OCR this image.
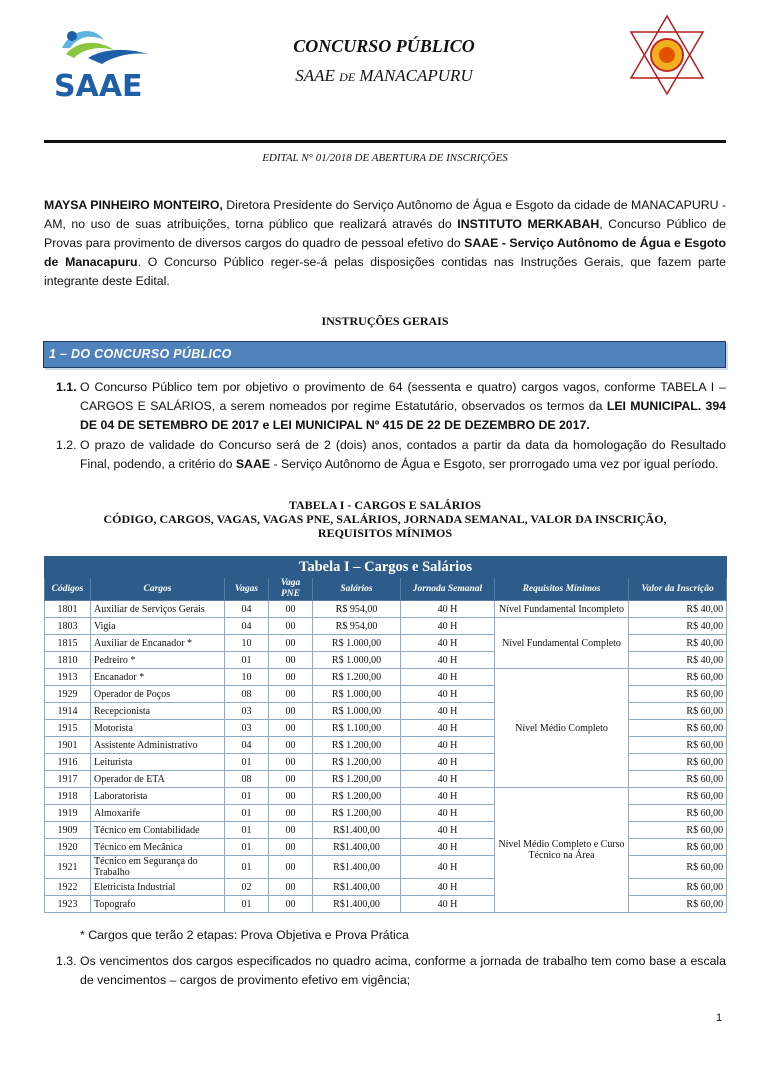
SAAE
CONCURSO PÚBLICO
SAAE DE MANACAPURU
EDITAL N° 01/2018 DE ABERTURA DE INSCRIÇÕES
MAYSA PINHEIRO MONTEIRO, Diretora Presidente do Serviço Autônomo de Água e Esgoto da cidade de MANACAPURU - AM, no uso de suas atribuições, torna público que realizará através do INSTITUTO MERKABAH, Concurso Público de Provas para provimento de diversos cargos do quadro de pessoal efetivo do SAAE - Serviço Autônomo de Água e Esgoto de Manacapuru. O Concurso Público reger-se-á pelas disposições contidas nas Instruções Gerais, que fazem parte integrante deste Edital.
INSTRUÇÕES GERAIS
1 – DO CONCURSO PÚBLICO
1.1. O Concurso Público tem por objetivo o provimento de 64 (sessenta e quatro) cargos vagos, conforme TABELA I – CARGOS E SALÁRIOS, a serem nomeados por regime Estatutário, observados os termos da LEI MUNICIPAL. 394 DE 04 DE SETEMBRO DE 2017 e LEI MUNICIPAL Nº 415 DE 22 DE DEZEMBRO DE 2017.
1.2. O prazo de validade do Concurso será de 2 (dois) anos, contados a partir da data da homologação do Resultado Final, podendo, a critério do SAAE - Serviço Autônomo de Água e Esgoto, ser prorrogado uma vez por igual período.
TABELA I - CARGOS E SALÁRIOS
CÓDIGO, CARGOS, VAGAS, VAGAS PNE, SALÁRIOS, JORNADA SEMANAL, VALOR DA INSCRIÇÃO, REQUISITOS MÍNIMOS
Tabela I – Cargos e Salários							
Códigos	Cargos	Vagas	Vaga PNE	Salários	Jornada Semanal	Requisitos Mínimos	Valor da Inscrição
1801	Auxiliar de Serviços Gerais	04	00	R$ 954,00	40 H	Nível Fundamental Incompleto	R$ 40,00
1803	Vigia	04	00	R$ 954,00	40 H	Nível Fundamental Completo	R$ 40,00
1815	Auxiliar de Encanador *	10	00	R$ 1.000,00	40 H		R$ 40,00
1810	Pedreiro *	01	00	R$ 1.000,00	40 H		R$ 40,00
1913	Encanador *	10	00	R$ 1.200,00	40 H	Nível Médio Completo	R$ 60,00
1929	Operador de Poços	08	00	R$ 1.000,00	40 H		R$ 60,00
1914	Recepcionista	03	00	R$ 1.000,00	40 H		R$ 60,00
1915	Motorista	03	00	R$ 1.100,00	40 H		R$ 60,00
1901	Assistente Administrativo	04	00	R$ 1.200,00	40 H		R$ 60,00
1916	Leiturista	01	00	R$ 1.200,00	40 H		R$ 60,00
1917	Operador de ETA	08	00	R$ 1.200,00	40 H		R$ 60,00
1918	Laboratorista	01	00	R$ 1.200,00	40 H	Nível Médio Completo e Curso Técnico na Área	R$ 60,00
1919	Almoxarife	01	00	R$ 1.200,00	40 H		R$ 60,00
1909	Técnico em Contabilidade	01	00	R$1.400,00	40 H		R$ 60,00
1920	Técnico em Mecânica	01	00	R$1.400,00	40 H		R$ 60,00
1921	Técnico em Segurança do Trabalho	01	00	R$1.400,00	40 H		R$ 60,00
1922	Eletricista Industrial	02	00	R$1.400,00	40 H		R$ 60,00
1923	Topografo	01	00	R$1.400,00	40 H		R$ 60,00
* Cargos que terão 2 etapas: Prova Objetiva e Prova Prática
1.3. Os vencimentos dos cargos especificados no quadro acima, conforme a jornada de trabalho tem como base a escala de vencimentos – cargos de provimento efetivo em vigência;
1
